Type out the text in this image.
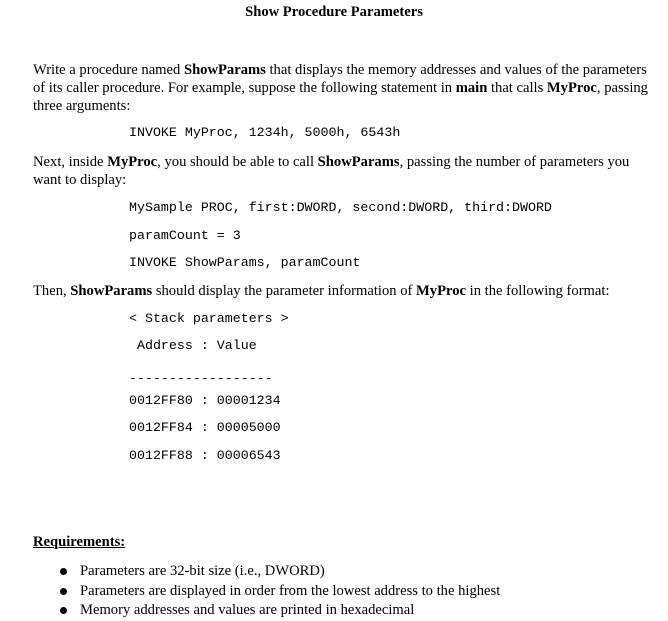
Show Procedure Parameters
Write a procedure named ShowParams that displays the memory addresses and values of the parameters of its caller procedure. For example, suppose the following statement in main that calls MyProc, passing three arguments:
INVOKE MyProc, 1234h, 5000h, 6543h
Next, inside MyProc, you should be able to call ShowParams, passing the number of parameters you want to display:
MySample PROC, first:DWORD, second:DWORD, third:DWORD
paramCount = 3
INVOKE ShowParams, paramCount
Then, ShowParams should display the parameter information of MyProc in the following format:
< Stack parameters >
Address : Value
------------------
0012FF80 : 00001234
0012FF84 : 00005000
0012FF88 : 00006543
Requirements:
Parameters are 32-bit size (i.e., DWORD)
Parameters are displayed in order from the lowest address to the highest
Memory addresses and values are printed in hexadecimal
